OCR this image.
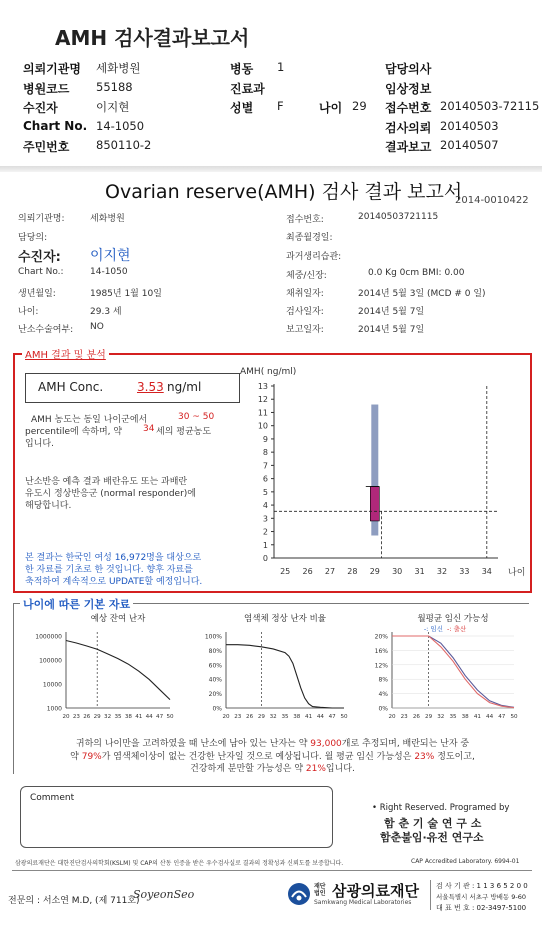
AMH 검사결과보고서
의뢰기관명 세화병원	병동 1	담당의사
병원코드 55188	진료과	임상정보
수진자	이지현	성별 F	나이 29 접수번호 20140503-72115
Chart No. 14-1050	검사의뢰 20140503
주민번호 850110-2	결과보고 20140507
Ovarian reserve(AMH) 검사 결과 보고서
2014-0010422
의뢰기관명:	세화병원
담당의:
수진자: 이지현
Chart No.:	14-1050
생년월일:	1985년 1월 10일
나이:	29.3 세
난소수술여부: NO
접수번호:	20140503721115
최종월경일:
과거생리습관:
체중/신장:	0.0 Kg 0cm BMI: 0.00
채취일자:	2014년 5월 3일 (MCD # 0 일)
검사일자:	2014년 5월 7일
보고일자:	2014년 5월 7일
AMH 결과 및 분석
AMH Conc.	3.53 ng/ml
AMH 농도는 동일 나이군에서	30 ~ 50
percentile에 속하며, 약 34 세의 평균농도
입니다.
난소반응 예측 결과 배란유도 또는 과배란
유도시 정상반응군 (normal responder)에
해당합니다.
본 결과는 한국인 여성 16,972명을 대상으로
한 자료를 기초로 한 것입니다. 향후 자료를
축적하여 계속적으로 UPDATE할 예정입니다.
AMH( ng/ml)
0
1
2
3
4
5
6
7
8
9
10
11
12
13
25 26 27 28 29 30 31 32 33 34 나이
나이에 따른 기본 자료
예상 잔여 난자
1000000
100000
10000
1000
20 23 26 29 32 35 38 41 44 47 50
염색체 정상 난자 비율
100%
80%
60%
40%
20%
0%
20 23 26 29 32 35 38 41 44 47 50
월평균 임신 가능성
20%
16%
12%
8%
4%
0%
20 23 26 29 32 35 38 41 44 47 50
-: 임신 -: 출산
귀하의 나이만을 고려하였을 때 난소에 남아 있는 난자는 약 93,000개로 추정되며, 배란되는 난자 중
약 79%가 염색체이상이 없는 건강한 난자일 것으로 예상됩니다. 월 평균 임신 가능성은 23% 정도이고,
건강하게 분만할 가능성은 약 21%입니다.
Comment
• Right Reserved. Programed by
함 춘 기 술 연 구 소
함춘불임·유전 연구소
삼광의료재단은 대한진단검사의학회(KSLM) 및 CAP의 산동 인증을 받은 우수검사실로 결과의 정확성과 신뢰도를 보증합니다.	CAP Accredited Laboratory. 6994-01
전문의 : 서소연 M.D, (제 711호)
SoyeonSeo
재단법인 삼광의료재단
Samkwang Medical Laboratories
검 사 기 관 : 1 1 3 6 5 2 0 0
서울특별시 서초구 방배동 9-60
대 표 번 호 : 02-3497-5100
